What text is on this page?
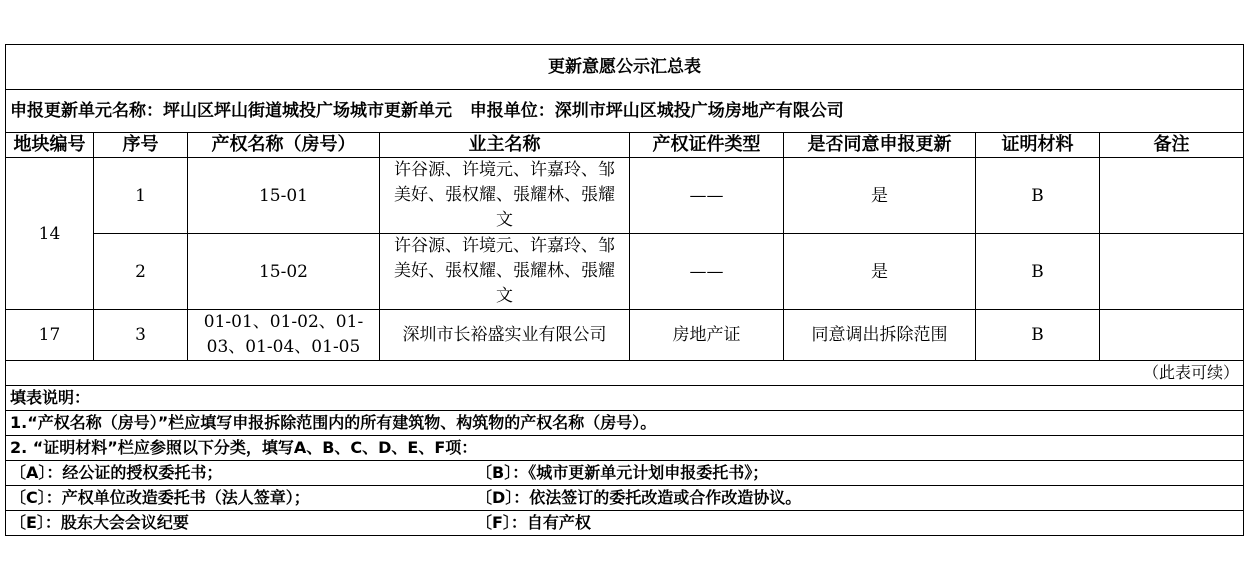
更新意愿公示汇总表							
申报更新单元名称：坪山区坪山街道城投广场城市更新单元   申报单位：深圳市坪山区城投广场房地产有限公司							
地块编号	序号	产权名称（房号）	业主名称	产权证件类型	是否同意申报更新	证明材料	备注
14	1	15-01	许谷源、许境元、许嘉玲、邹美好、張权耀、張耀林、張耀文	——	是	B	
	2	15-02	许谷源、许境元、许嘉玲、邹美好、張权耀、張耀林、張耀文	——	是	B	
17	3	01-01、01-02、01-03、01-04、01-05	深圳市长裕盛实业有限公司	房地产证	同意调出拆除范围	B	
（此表可续）							
填表说明：							
1.“产权名称（房号）”栏应填写申报拆除范围内的所有建筑物、构筑物的产权名称（房号）。							
2. “证明材料”栏应参照以下分类，填写A、B、C、D、E、F项：							
〔A〕：经公证的授权委托书； 〔B〕：《城市更新单元计划申报委托书》；							
〔C〕：产权单位改造委托书（法人签章）； 〔D〕：依法签订的委托改造或合作改造协议。							
〔E〕：股东大会会议纪要 〔F〕：自有产权							
